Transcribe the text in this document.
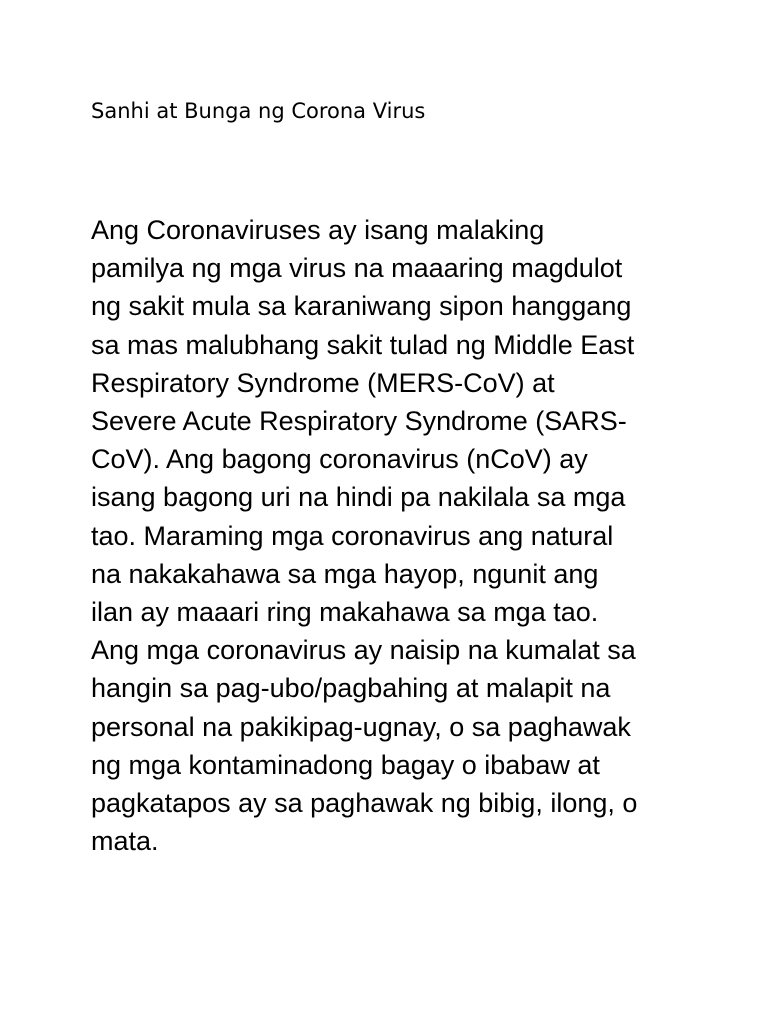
Sanhi at Bunga ng Corona Virus
Ang Coronaviruses ay isang malaking
pamilya ng mga virus na maaaring magdulot
ng sakit mula sa karaniwang sipon hanggang
sa mas malubhang sakit tulad ng Middle East
Respiratory Syndrome (MERS-CoV) at
Severe Acute Respiratory Syndrome (SARS-
CoV). Ang bagong coronavirus (nCoV) ay
isang bagong uri na hindi pa nakilala sa mga
tao. Maraming mga coronavirus ang natural
na nakakahawa sa mga hayop, ngunit ang
ilan ay maaari ring makahawa sa mga tao.
Ang mga coronavirus ay naisip na kumalat sa
hangin sa pag-ubo/pagbahing at malapit na
personal na pakikipag-ugnay, o sa paghawak
ng mga kontaminadong bagay o ibabaw at
pagkatapos ay sa paghawak ng bibig, ilong, o
mata.
